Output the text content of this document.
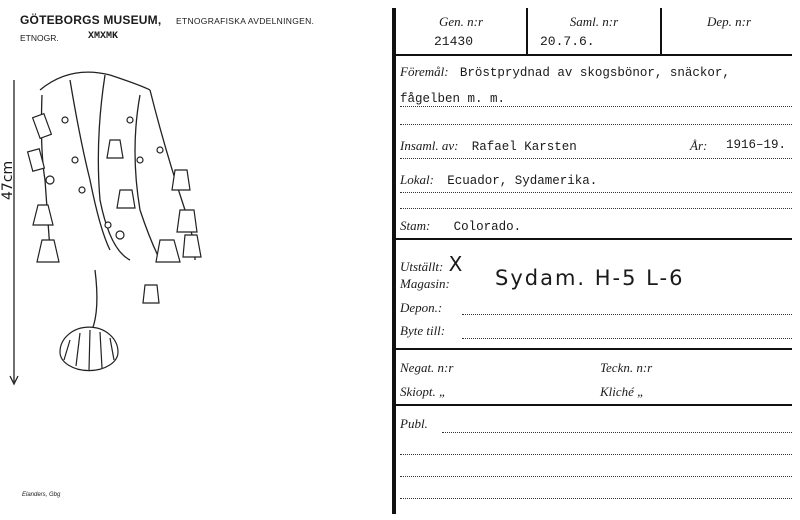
GÖTEBORGS MUSEUM, ETNOGRAFISKA AVDELNINGEN.
ETNOGR.	XMXMK
47cm
Elanders, Gbg
Gen. n:r
21430
Saml. n:r
20.7.6.
Dep. n:r
Föremål: Bröstprydnad av skogsbönor, snäckor,
fågelben m. m.
Insaml. av: Rafael Karsten	År: 1916–19.
Lokal: Ecuador, Sydamerika.
Stam: Colorado.
Utställt: X
Magasin: Sydam. H-5 L-6
Depon.:
Byte till:
Negat. n:r	Teckn. n:r
Skiopt. „	Kliché „
Publ.
